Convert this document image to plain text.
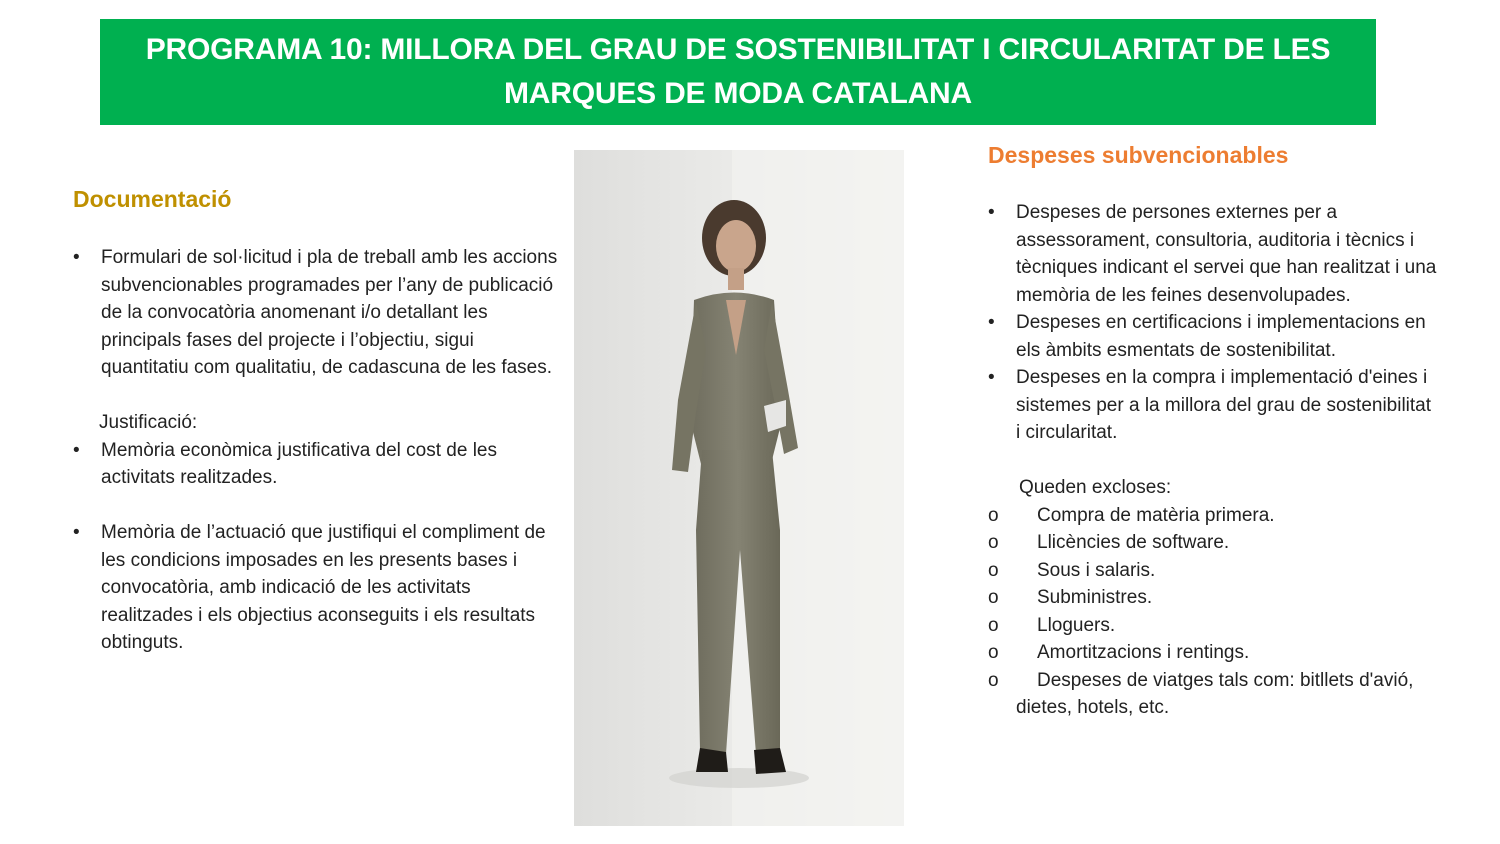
PROGRAMA 10: MILLORA DEL GRAU DE SOSTENIBILITAT I CIRCULARITAT DE LES MARQUES DE MODA CATALANA
Documentació
• Formulari de sol·licitud i pla de treball amb les accions subvencionables programades per l’any de publicació de la convocatòria anomenant i/o detallant les principals fases del projecte i l’objectiu, sigui quantitatiu com qualitatiu, de cadascuna de les fases.
Justificació:
• Memòria econòmica justificativa del cost de les activitats realitzades.
• Memòria de l’actuació que justifiqui el compliment de les condicions imposades en les presents bases i convocatòria, amb indicació de les activitats realitzades i els objectius aconseguits i els resultats obtinguts.
Despeses subvencionables
• Despeses de persones externes per a assessorament, consultoria, auditoria i tècnics i tècniques indicant el servei que han realitzat i una memòria de les feines desenvolupades.
• Despeses en certificacions i implementacions en els àmbits esmentats de sostenibilitat.
• Despeses en la compra i implementació d'eines i sistemes per a la millora del grau de sostenibilitat i circularitat.
Queden excloses:
o Compra de matèria primera.
o Llicències de software.
o Sous i salaris.
o Subministres.
o Lloguers.
o Amortitzacions i rentings.
o Despeses de viatges tals com: bitllets d'avió, dietes, hotels, etc.
